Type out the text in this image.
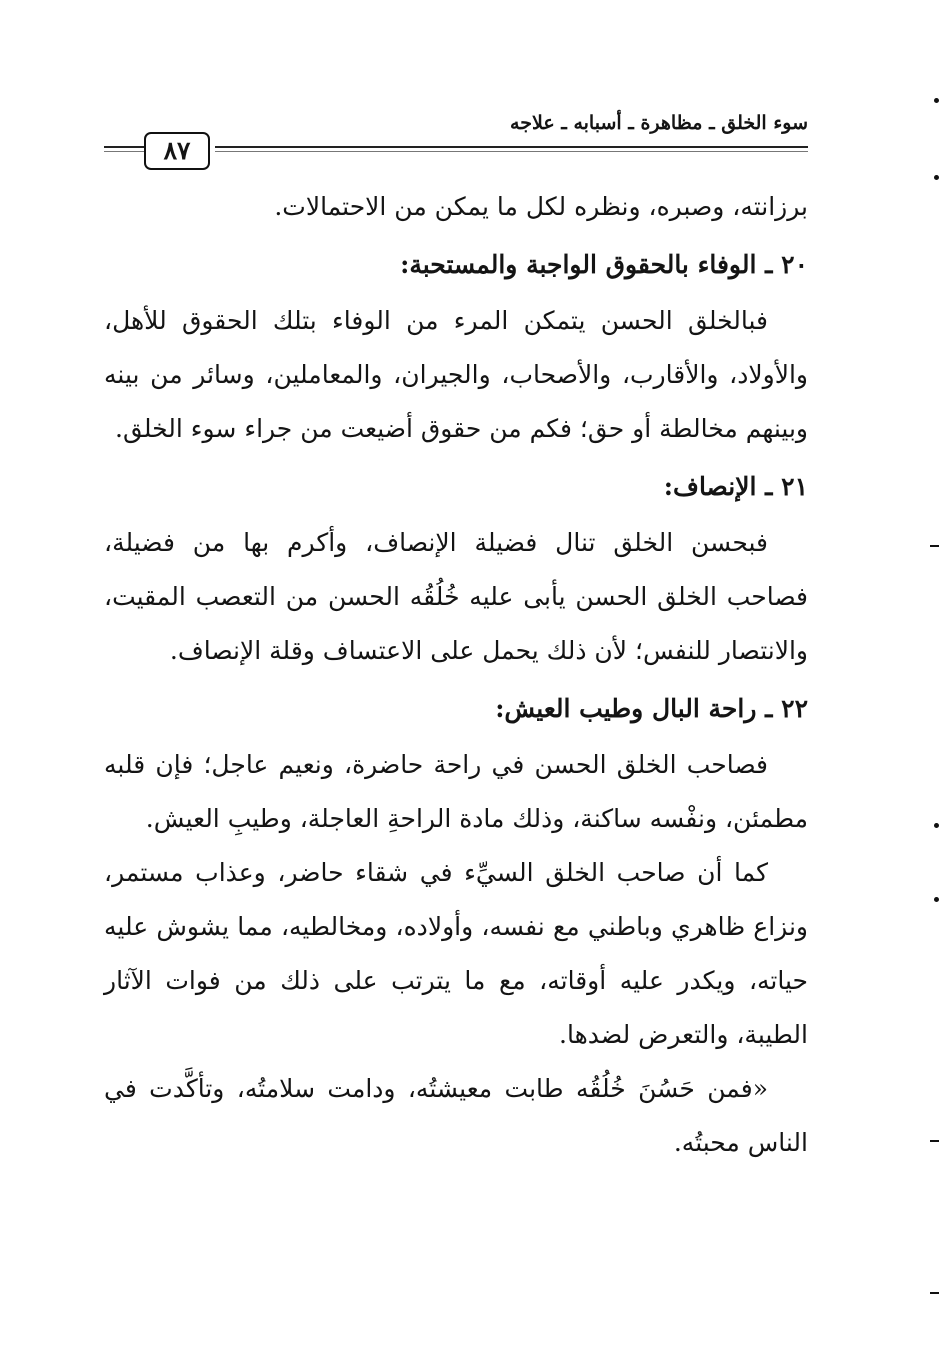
سوء الخلق ـ مظاهرة ـ أسبابه ـ علاجه
٨٧

برزانته، وصبره، ونظره لكل ما يمكن من الاحتمالات.

٢٠ ـ الوفاء بالحقوق الواجبة والمستحبة:

فبالخلق الحسن يتمكن المرء من الوفاء بتلك الحقوق للأهل، والأولاد، والأقارب، والأصحاب، والجيران، والمعاملين، وسائر من بينه وبينهم مخالطة أو حق؛ فكم من حقوق أضيعت من جراء سوء الخلق.

٢١ ـ الإنصاف:

فبحسن الخلق تنال فضيلة الإنصاف، وأكرم بها من فضيلة، فصاحب الخلق الحسن يأبى عليه خُلُقُه الحسن من التعصب المقيت، والانتصار للنفس؛ لأن ذلك يحمل على الاعتساف وقلة الإنصاف.

٢٢ ـ راحة البال وطيب العيش:

فصاحب الخلق الحسن في راحة حاضرة، ونعيم عاجل؛ فإن قلبه مطمئن، ونفْسه ساكنة، وذلك مادة الراحةِ العاجلة، وطيبِ العيش.

كما أن صاحب الخلق السيِّء في شقاء حاضر، وعذاب مستمر، ونزاع ظاهري وباطني مع نفسه، وأولاده، ومخالطيه، مما يشوش عليه حياته، ويكدر عليه أوقاته، مع ما يترتب على ذلك من فوات الآثار الطيبة، والتعرض لضدها.

«فمن حَسُنَ خُلُقُه طابت معيشتُه، ودامت سلامتُه، وتأكَّدت في الناس محبتُه.
